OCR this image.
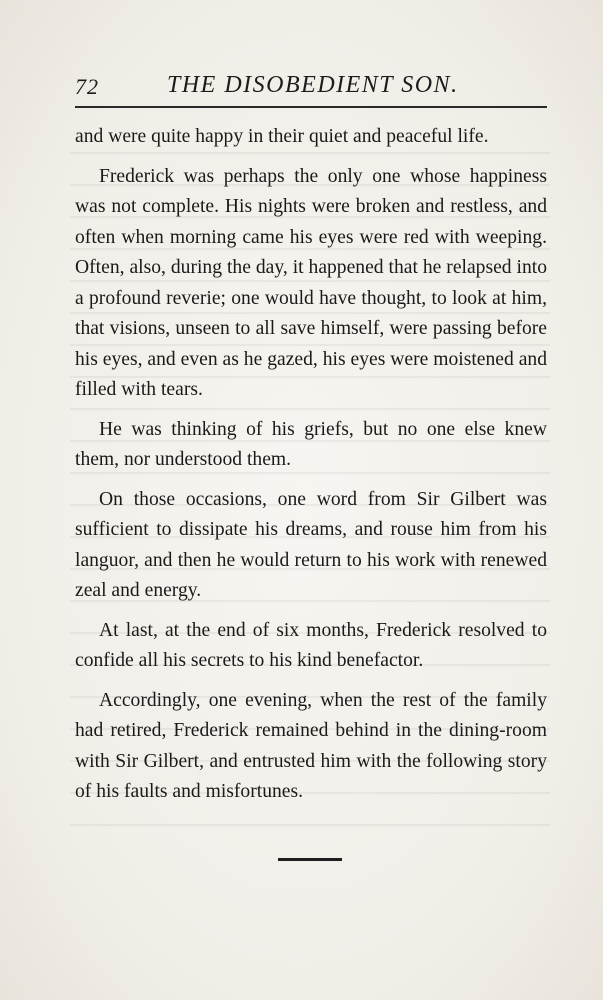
72	THE DISOBEDIENT SON.

and were quite happy in their quiet and peaceful life.

Frederick was perhaps the only one whose happiness was not complete. His nights were broken and restless, and often when morning came his eyes were red with weeping. Often, also, during the day, it happened that he relapsed into a profound reverie; one would have thought, to look at him, that visions, unseen to all save himself, were passing before his eyes, and even as he gazed, his eyes were moistened and filled with tears.

He was thinking of his griefs, but no one else knew them, nor understood them.

On those occasions, one word from Sir Gilbert was sufficient to dissipate his dreams, and rouse him from his languor, and then he would return to his work with renewed zeal and energy.

At last, at the end of six months, Frederick resolved to confide all his secrets to his kind benefactor.

Accordingly, one evening, when the rest of the family had retired, Frederick remained behind in the dining-room with Sir Gilbert, and entrusted him with the following story of his faults and misfortunes.
